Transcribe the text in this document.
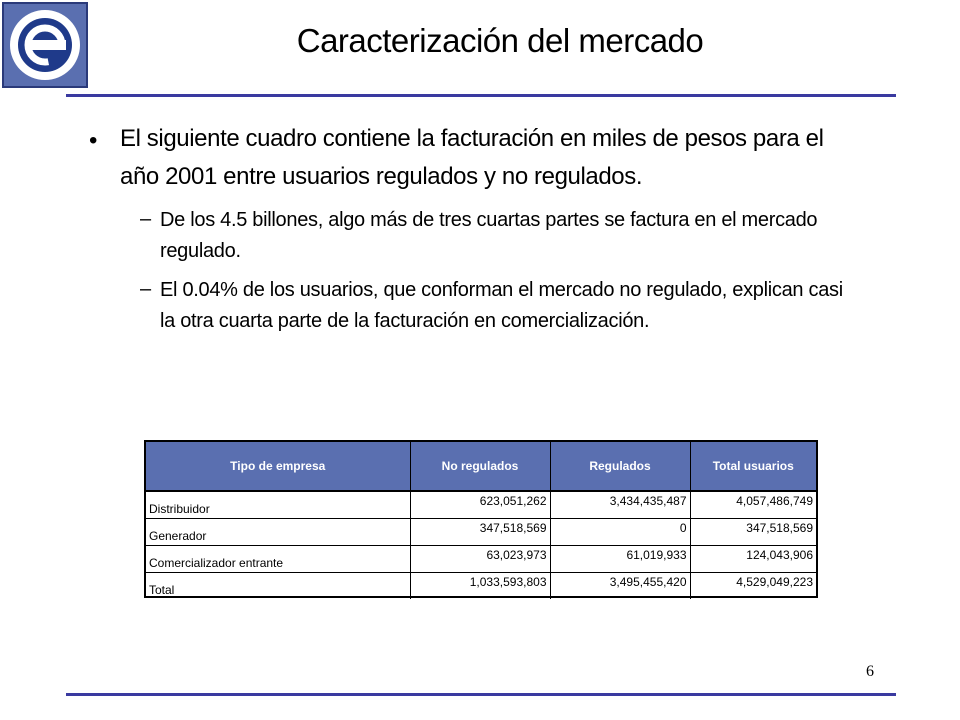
Caracterización del mercado
• El siguiente cuadro contiene la facturación en miles de pesos para el año 2001 entre usuarios regulados y no regulados.
– De los 4.5 billones, algo más de tres cuartas partes se factura en el mercado regulado.
– El 0.04% de los usuarios, que conforman el mercado no regulado, explican casi la otra cuarta parte de la facturación en comercialización.
Tipo de empresa	No regulados	Regulados	Total usuarios
Distribuidor	623,051,262	3,434,435,487	4,057,486,749
Generador	347,518,569	0	347,518,569
Comercializador entrante	63,023,973	61,019,933	124,043,906
Total	1,033,593,803	3,495,455,420	4,529,049,223
6
